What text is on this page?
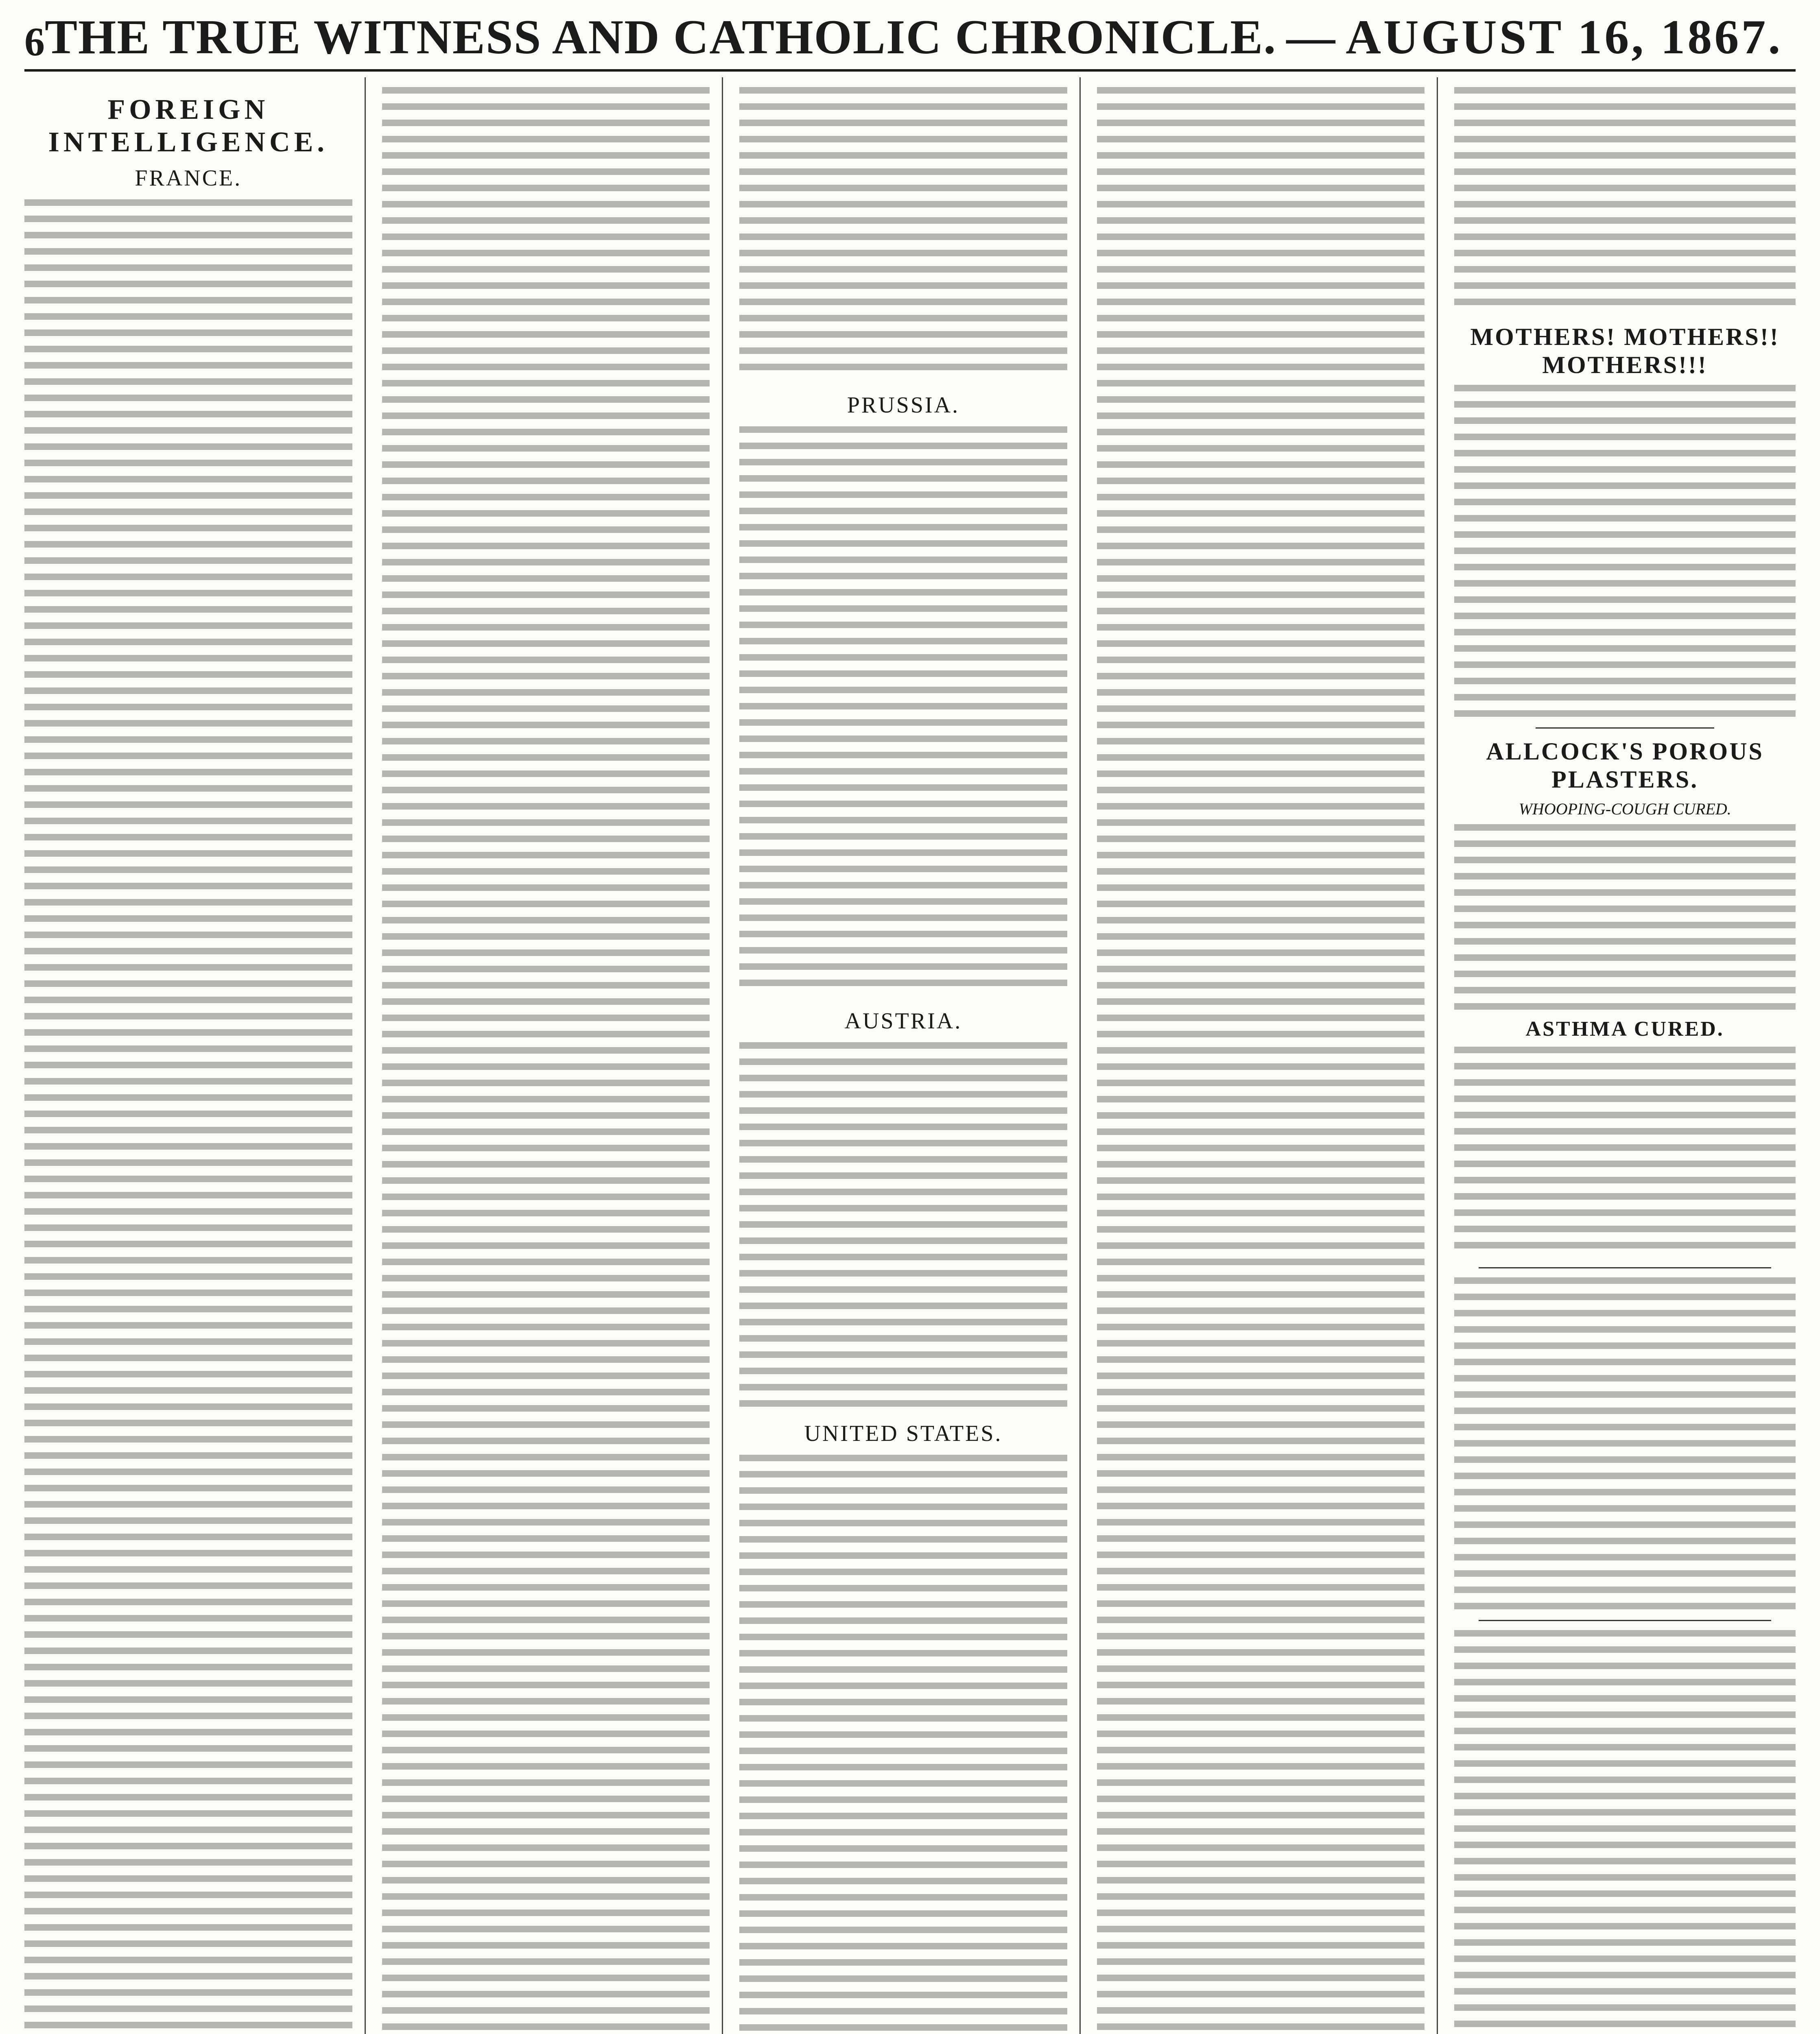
6 THE TRUE WITNESS AND CATHOLIC CHRONICLE. — AUGUST 16, 1867.
FOREIGN INTELLIGENCE.
FRANCE.
PRUSSIA.
AUSTRIA.
UNITED STATES.
MOTHERS! MOTHERS!! MOTHERS!!!
ALLCOCK'S POROUS PLASTERS.
WHOOPING-COUGH CURED.
ASTHMA CURED.
